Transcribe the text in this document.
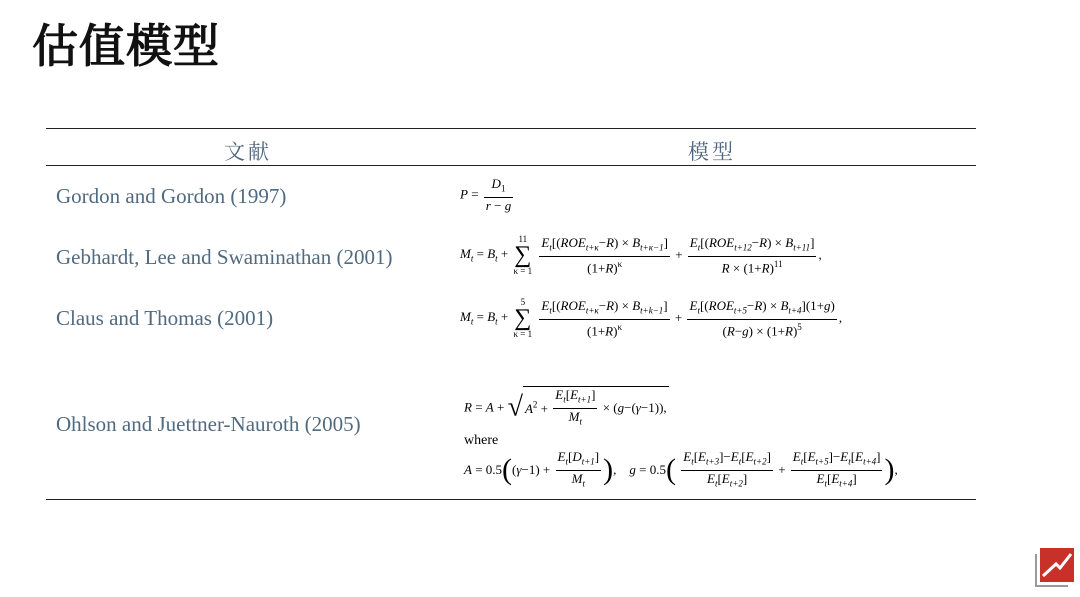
估值模型
文献	模型
Gordon and Gordon (1997)	$P = \frac{D_1}{r - g}$
Gebhardt, Lee and Swaminathan (2001)	$M_t = B_t$ +
11
∑
κ = 1
$\frac{E_t[(ROE_{t+\kappa}-R) \times B_{t+\kappa-1}]}{(1+R)^\kappa} + \frac{E_t[(ROE_{t+12}-R) \times B_{t+11}]}{R \times (1+R)^{11}}$ ,
Claus and Thomas (2001)	$M_t = B_t$ +
5
∑
κ = 1
$\frac{E_t[(ROE_{t+\kappa}-R) \times B_{t+k-1}]}{(1+R)^\kappa} + \frac{E_t[(ROE_{t+5}-R) \times B_{t+4}](1+g)}{(R-g) \times (1+R)^5}$ ,
Ohlson and Juettner-Nauroth (2005)
R = A + √ $A^2 + \frac{E_t[E_{t+1}]}{M_t} \times (g-(\gamma-1))$,
where
$A = 0.5((\gamma-1) + \frac{E_t[D_{t+1}]}{M_t}$ ), $g = 0.5( \frac{E_t[E_{t+3}]-E_t[E_{t+2}]}{E_t[E_{t+2}]} + \frac{E_t[E_{t+5}]-E_t[E_{t+4}]}{E_t[E_{t+4}]}$ ),
